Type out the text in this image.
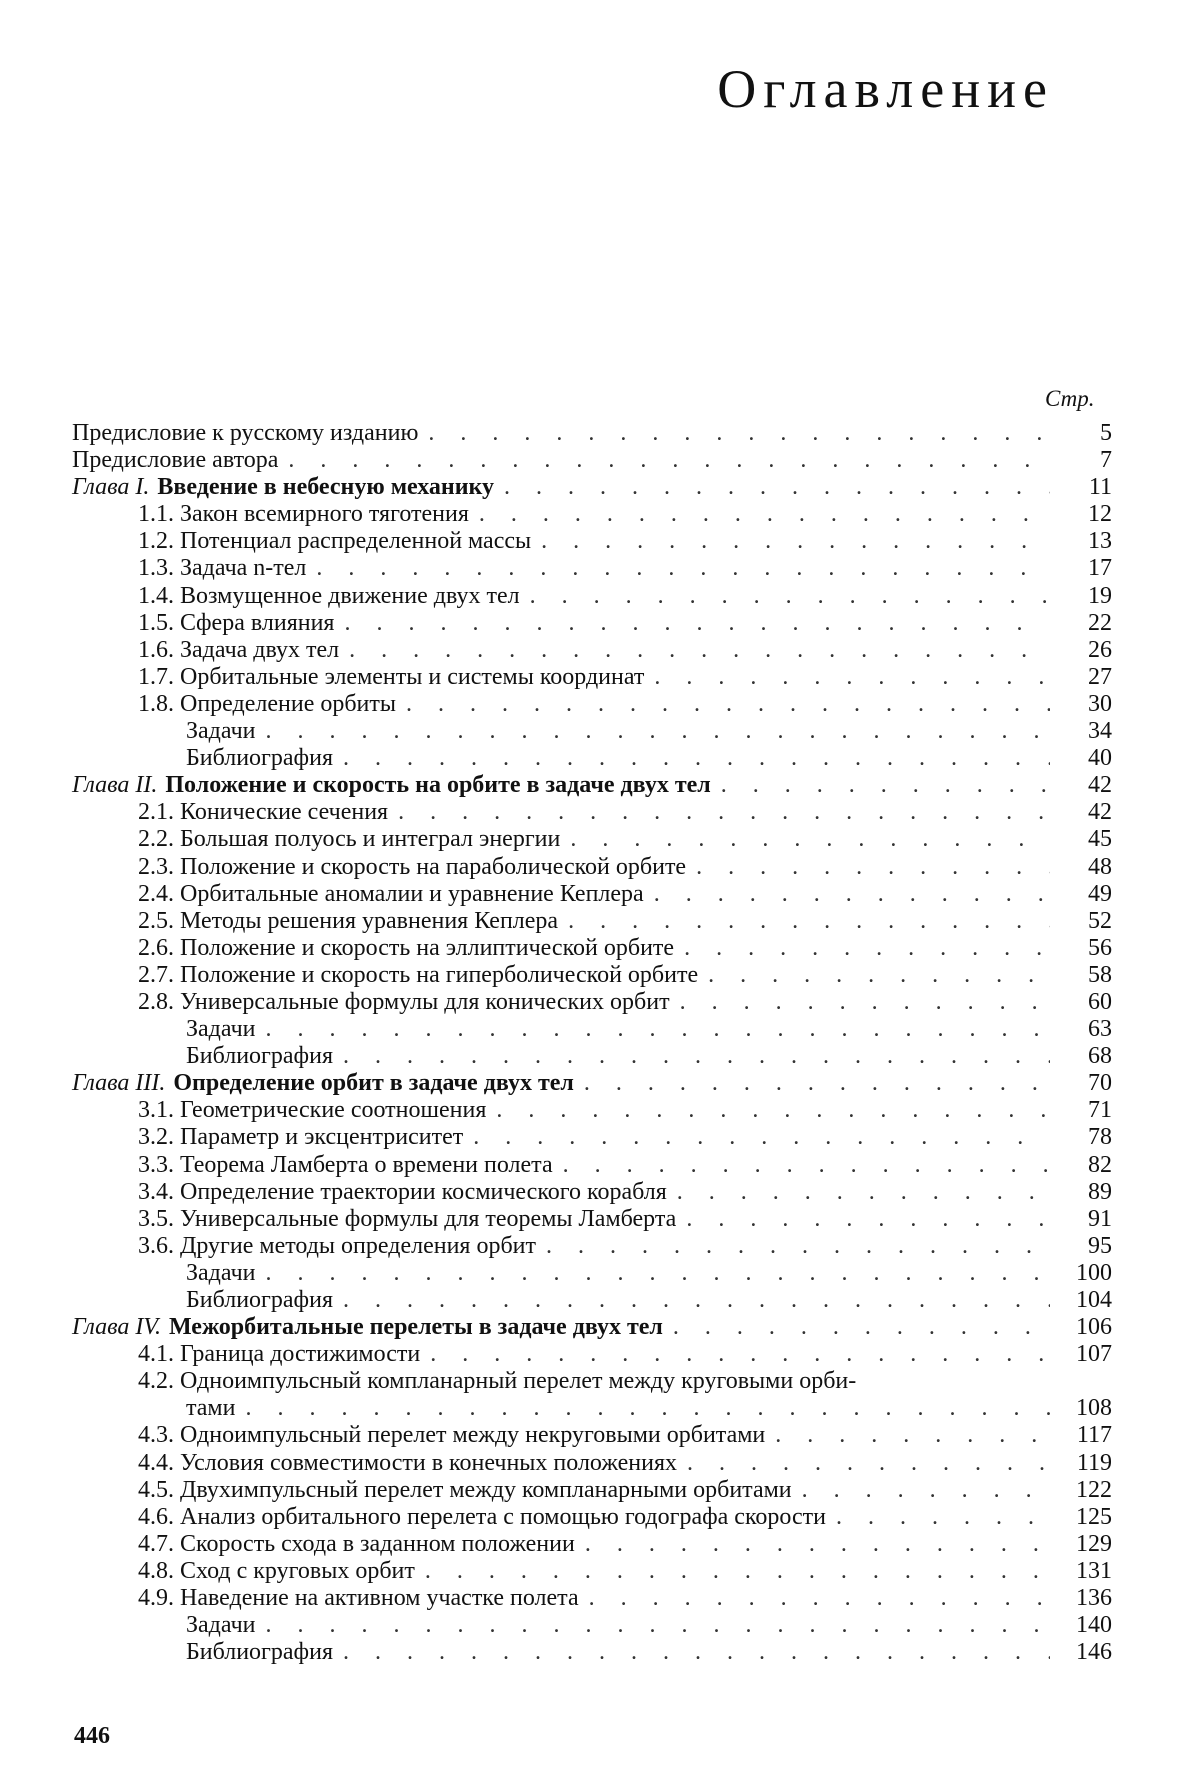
Оглавление
Стр.
Предисловие к русскому изданию . . .	5
Предисловие автора . . .	7
Глава I. Введение в небесную механику . . .	11
1.1. Закон всемирного тяготения . . .	12
1.2. Потенциал распределенной массы . . .	13
1.3. Задача n-тел . . .	17
1.4. Возмущенное движение двух тел . . .	19
1.5. Сфера влияния . . .	22
1.6. Задача двух тел . . .	26
1.7. Орбитальные элементы и системы координат . . .	27
1.8. Определение орбиты . . .	30
Задачи . . .	34
Библиография . . .	40
Глава II. Положение и скорость на орбите в задаче двух тел . . .	42
2.1. Конические сечения . . .	42
2.2. Большая полуось и интеграл энергии . . .	45
2.3. Положение и скорость на параболической орбите . . .	48
2.4. Орбитальные аномалии и уравнение Кеплера . . .	49
2.5. Методы решения уравнения Кеплера . . .	52
2.6. Положение и скорость на эллиптической орбите . . .	56
2.7. Положение и скорость на гиперболической орбите . . .	58
2.8. Универсальные формулы для конических орбит . . .	60
Задачи . . .	63
Библиография . . .	68
Глава III. Определение орбит в задаче двух тел . . .	70
3.1. Геометрические соотношения . . .	71
3.2. Параметр и эксцентриситет . . .	78
3.3. Теорема Ламберта о времени полета . . .	82
3.4. Определение траектории космического корабля . . .	89
3.5. Универсальные формулы для теоремы Ламберта . . .	91
3.6. Другие методы определения орбит . . .	95
Задачи . . .	100
Библиография . . .	104
Глава IV. Межорбитальные перелеты в задаче двух тел . . .	106
4.1. Граница достижимости . . .	107
4.2. Одноимпульсный компланарный перелет между круговыми орби-
тами . . .	108
4.3. Одноимпульсный перелет между некруговыми орбитами . . .	117
4.4. Условия совместимости в конечных положениях . . .	119
4.5. Двухимпульсный перелет между компланарными орбитами . . .	122
4.6. Анализ орбитального перелета с помощью годографа скорости . . .	125
4.7. Скорость схода в заданном положении . . .	129
4.8. Сход с круговых орбит . . .	131
4.9. Наведение на активном участке полета . . .	136
Задачи . . .	140
Библиография . . .	146
446
